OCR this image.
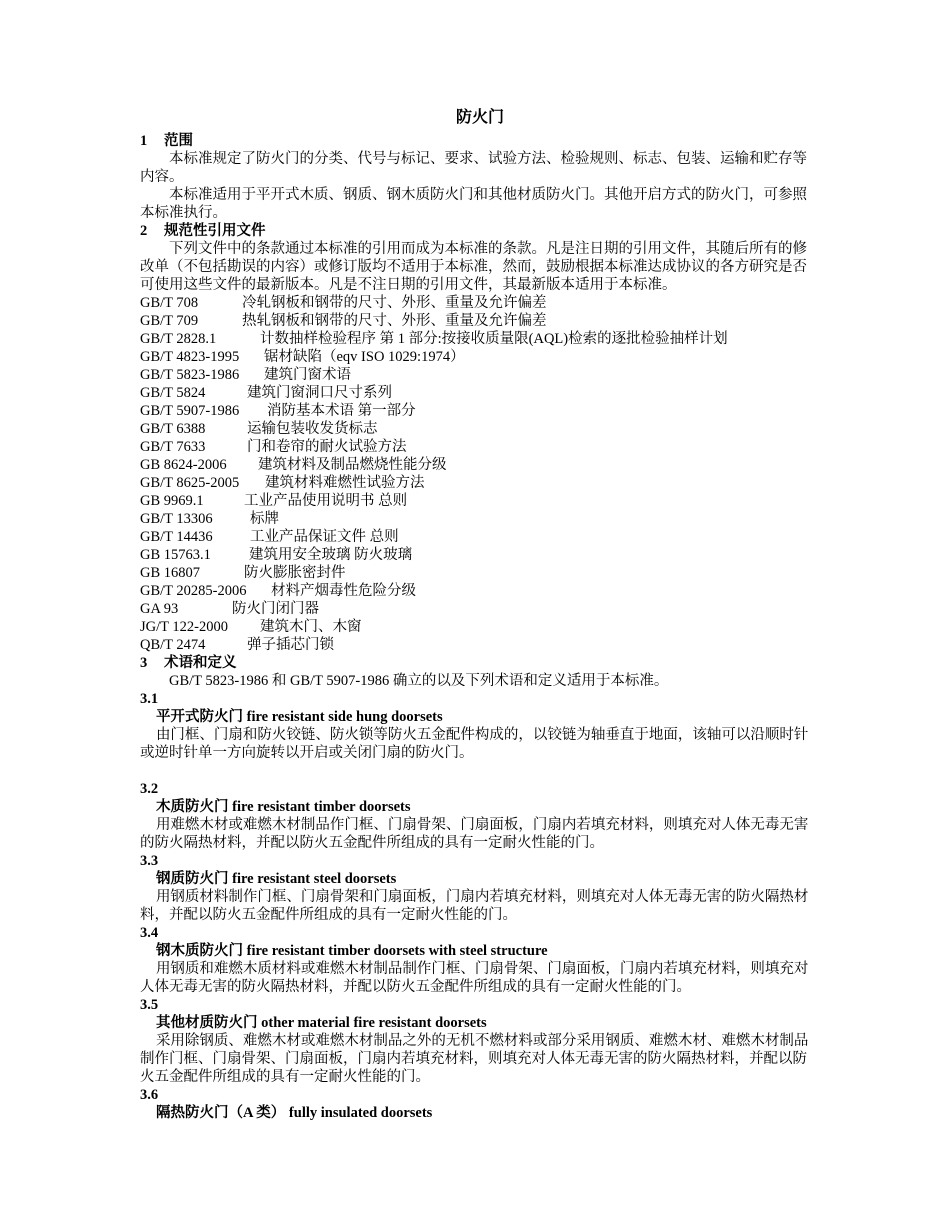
防火门
1 范围

本标准规定了防火门的分类、代号与标记、要求、试验方法、检验规则、标志、包装、运输和贮存等内容。

本标准适用于平开式木质、钢质、钢木质防火门和其他材质防火门。其他开启方式的防火门，可参照本标准执行。

2 规范性引用文件

下列文件中的条款通过本标准的引用而成为本标准的条款。凡是注日期的引用文件，其随后所有的修改单（不包括勘误的内容）或修订版均不适用于本标准，然而，鼓励根据本标准达成协议的各方研究是否可使用这些文件的最新版本。凡是不注日期的引用文件，其最新版本适用于本标准。

GB/T 708	冷轧钢板和钢带的尺寸、外形、重量及允许偏差
GB/T 709	热轧钢板和钢带的尺寸、外形、重量及允许偏差
GB/T 2828.1	计数抽样检验程序 第 1 部分:按接收质量限(AQL)检索的逐批检验抽样计划
GB/T 4823-1995	锯材缺陷（eqv ISO 1029:1974）
GB/T 5823-1986	建筑门窗术语
GB/T 5824	建筑门窗洞口尺寸系列
GB/T 5907-1986	消防基本术语 第一部分
GB/T 6388	运输包装收发货标志
GB/T 7633	门和卷帘的耐火试验方法
GB 8624-2006	建筑材料及制品燃烧性能分级
GB/T 8625-2005	建筑材料难燃性试验方法
GB 9969.1	工业产品使用说明书 总则
GB/T 13306	标牌
GB/T 14436	工业产品保证文件 总则
GB 15763.1	建筑用安全玻璃 防火玻璃
GB 16807	防火膨胀密封件
GB/T 20285-2006	材料产烟毒性危险分级
GA 93	防火门闭门器
JG/T 122-2000	建筑木门、木窗
QB/T 2474	弹子插芯门锁
3 术语和定义

GB/T 5823-1986 和 GB/T 5907-1986 确立的以及下列术语和定义适用于本标准。

3.1
平开式防火门 fire resistant side hung doorsets

由门框、门扇和防火铰链、防火锁等防火五金配件构成的，以铰链为轴垂直于地面，该轴可以沿顺时针或逆时针单一方向旋转以开启或关闭门扇的防火门。

3.2
木质防火门 fire resistant timber doorsets

用难燃木材或难燃木材制品作门框、门扇骨架、门扇面板，门扇内若填充材料，则填充对人体无毒无害的防火隔热材料，并配以防火五金配件所组成的具有一定耐火性能的门。

3.3
钢质防火门 fire resistant steel doorsets

用钢质材料制作门框、门扇骨架和门扇面板，门扇内若填充材料，则填充对人体无毒无害的防火隔热材料，并配以防火五金配件所组成的具有一定耐火性能的门。

3.4
钢木质防火门 fire resistant timber doorsets with steel structure

用钢质和难燃木质材料或难燃木材制品制作门框、门扇骨架、门扇面板，门扇内若填充材料，则填充对人体无毒无害的防火隔热材料，并配以防火五金配件所组成的具有一定耐火性能的门。

3.5
其他材质防火门 other material fire resistant doorsets

采用除钢质、难燃木材或难燃木材制品之外的无机不燃材料或部分采用钢质、难燃木材、难燃木材制品制作门框、门扇骨架、门扇面板，门扇内若填充材料，则填充对人体无毒无害的防火隔热材料，并配以防火五金配件所组成的具有一定耐火性能的门。

3.6
隔热防火门（A 类） fully insulated doorsets
